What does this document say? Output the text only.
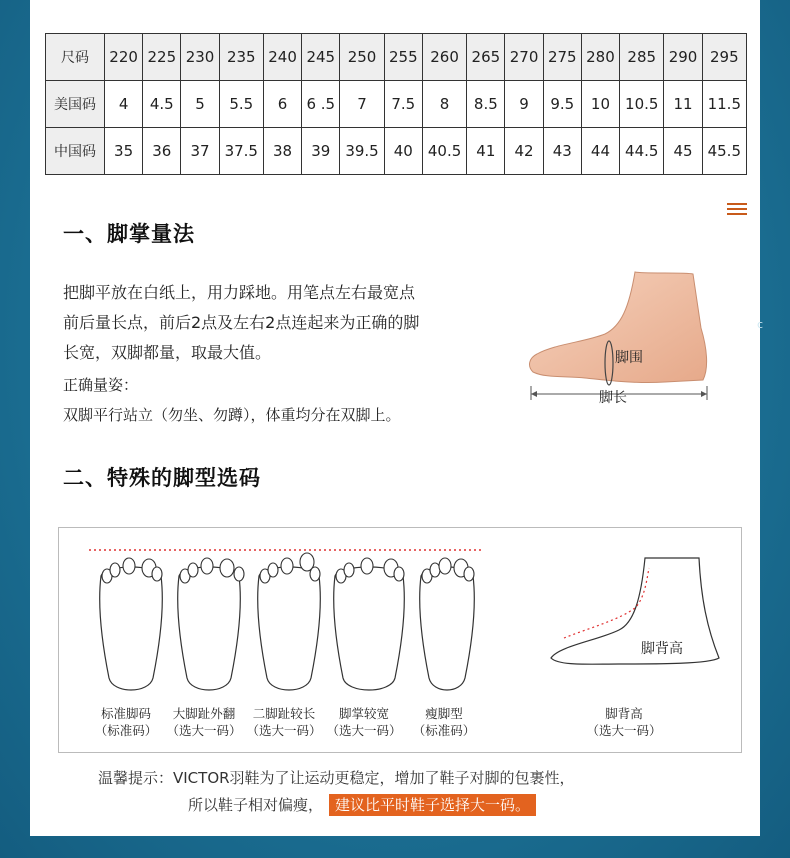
尺码	220	225	230	235	240	245	250	255	260	265	270	275	280	285	290	295
美国码	4	4.5	5	5.5	6	6 .5	7	7.5	8	8.5	9	9.5	10	10.5	11	11.5
中国码	35	36	37	37.5	38	39	39.5	40	40.5	41	42	43	44	44.5	45	45.5
一、脚掌量法
把脚平放在白纸上，用力踩地。用笔点左右最宽点
前后量长点，前后2点及左右2点连起来为正确的脚
长宽，双脚都量，取最大值。
正确量姿：
双脚平行站立（勿坐、勿蹲），体重均分在双脚上。
脚围
脚长
二、特殊的脚型选码
脚背高
标准脚码
（标准码）
大脚趾外翻
（选大一码）
二脚趾较长
（选大一码）
脚掌较宽
（选大一码）
瘦脚型
（标准码）
脚背高
（选大一码）
温馨提示：VICTOR羽鞋为了让运动更稳定，增加了鞋子对脚的包裹性，
所以鞋子相对偏瘦， 建议比平时鞋子选择大一码。
c
